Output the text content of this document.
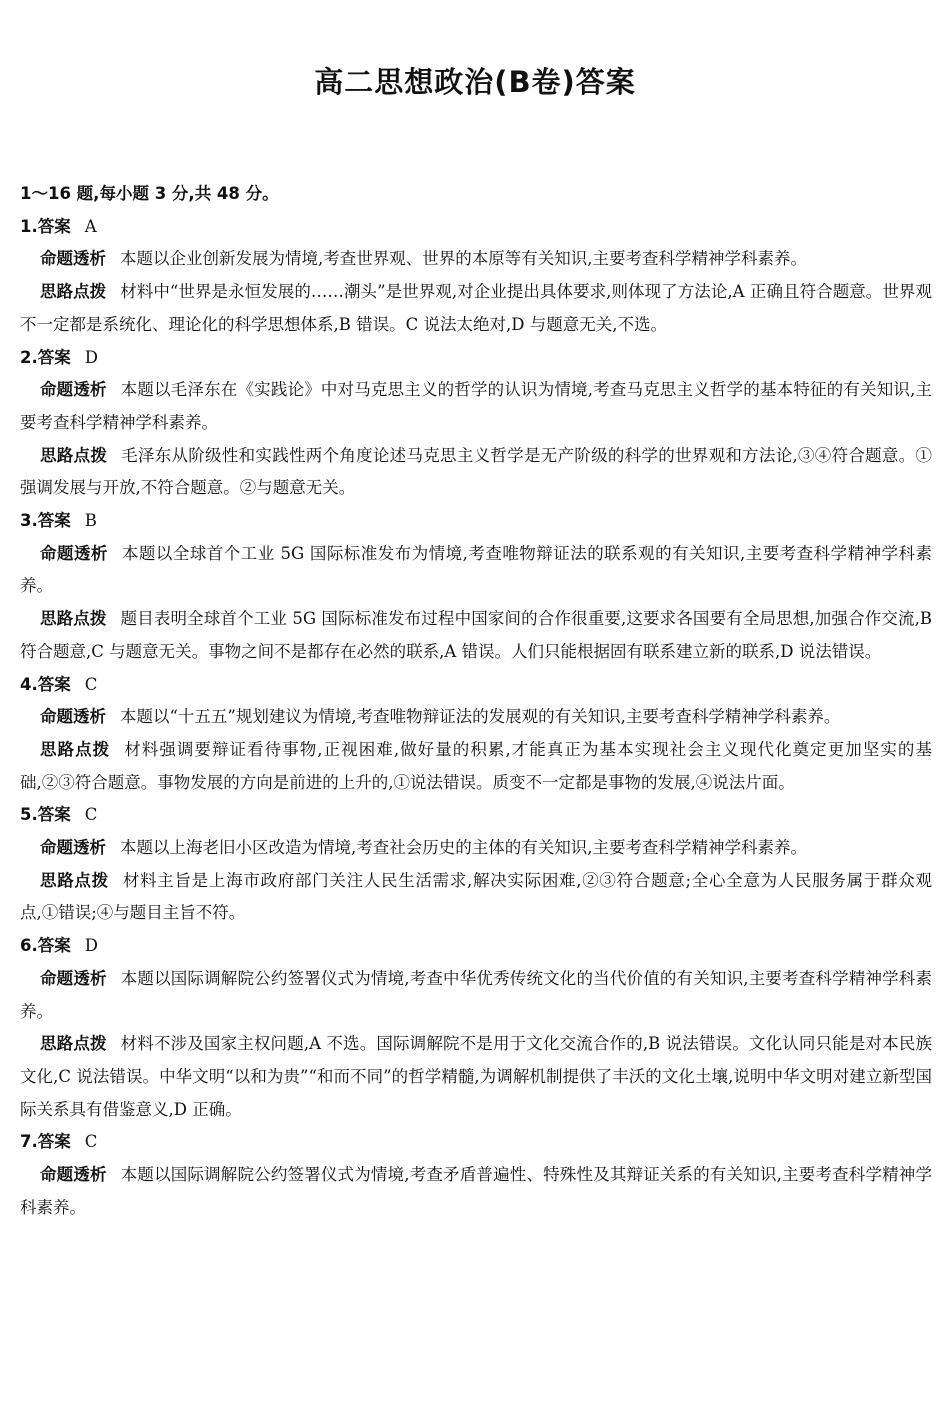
高二思想政治(B卷)答案

1～16 题,每小题 3 分,共 48 分。

1.答案 A

命题透析 本题以企业创新发展为情境,考查世界观、世界的本原等有关知识,主要考查科学精神学科素养。

思路点拨 材料中“世界是永恒发展的……潮头”是世界观,对企业提出具体要求,则体现了方法论,A 正确且符合题意。世界观不一定都是系统化、理论化的科学思想体系,B 错误。C 说法太绝对,D 与题意无关,不选。

2.答案 D

命题透析 本题以毛泽东在《实践论》中对马克思主义的哲学的认识为情境,考查马克思主义哲学的基本特征的有关知识,主要考查科学精神学科素养。

思路点拨 毛泽东从阶级性和实践性两个角度论述马克思主义哲学是无产阶级的科学的世界观和方法论,③④符合题意。①强调发展与开放,不符合题意。②与题意无关。

3.答案 B

命题透析 本题以全球首个工业 5G 国际标准发布为情境,考查唯物辩证法的联系观的有关知识,主要考查科学精神学科素养。

思路点拨 题目表明全球首个工业 5G 国际标准发布过程中国家间的合作很重要,这要求各国要有全局思想,加强合作交流,B 符合题意,C 与题意无关。事物之间不是都存在必然的联系,A 错误。人们只能根据固有联系建立新的联系,D 说法错误。

4.答案 C

命题透析 本题以“十五五”规划建议为情境,考查唯物辩证法的发展观的有关知识,主要考查科学精神学科素养。

思路点拨 材料强调要辩证看待事物,正视困难,做好量的积累,才能真正为基本实现社会主义现代化奠定更加坚实的基础,②③符合题意。事物发展的方向是前进的上升的,①说法错误。质变不一定都是事物的发展,④说法片面。

5.答案 C

命题透析 本题以上海老旧小区改造为情境,考查社会历史的主体的有关知识,主要考查科学精神学科素养。

思路点拨 材料主旨是上海市政府部门关注人民生活需求,解决实际困难,②③符合题意;全心全意为人民服务属于群众观点,①错误;④与题目主旨不符。

6.答案 D

命题透析 本题以国际调解院公约签署仪式为情境,考查中华优秀传统文化的当代价值的有关知识,主要考查科学精神学科素养。

思路点拨 材料不涉及国家主权问题,A 不选。国际调解院不是用于文化交流合作的,B 说法错误。文化认同只能是对本民族文化,C 说法错误。中华文明“以和为贵”“和而不同”的哲学精髓,为调解机制提供了丰沃的文化土壤,说明中华文明对建立新型国际关系具有借鉴意义,D 正确。

7.答案 C

命题透析 本题以国际调解院公约签署仪式为情境,考查矛盾普遍性、特殊性及其辩证关系的有关知识,主要考查科学精神学科素养。
